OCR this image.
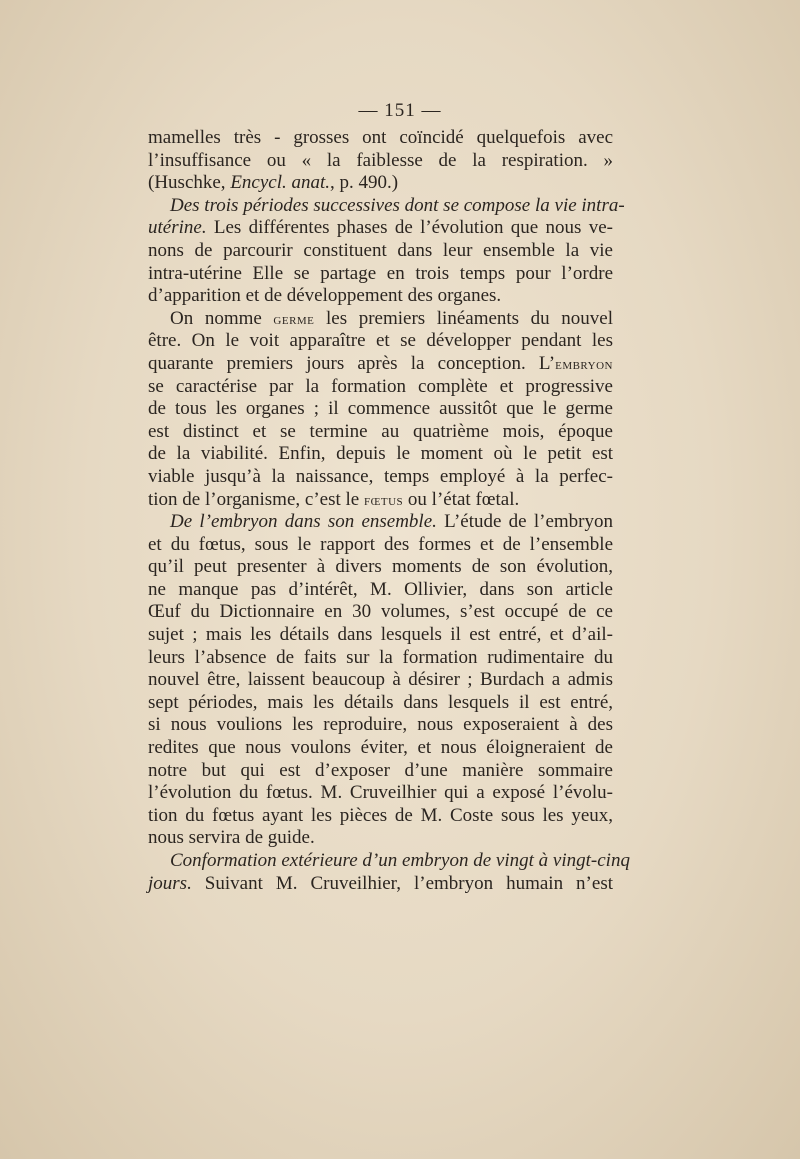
— 151 —
mamelles très - grosses ont coïncidé quelquefois avec
l’insuffisance ou « la faiblesse de la respiration. »
(Huschke, Encycl. anat., p. 490.)
Des trois périodes successives dont se compose la vie intra-
utérine. Les différentes phases de l’évolution que nous ve-
nons de parcourir constituent dans leur ensemble la vie
intra-utérine Elle se partage en trois temps pour l’ordre
d’apparition et de développement des organes.
On nomme germe les premiers linéaments du nouvel
être. On le voit apparaître et se développer pendant les
quarante premiers jours après la conception. L’embryon
se caractérise par la formation complète et progressive
de tous les organes ; il commence aussitôt que le germe
est distinct et se termine au quatrième mois, époque
de la viabilité. Enfin, depuis le moment où le petit est
viable jusqu’à la naissance, temps employé à la perfec-
tion de l’organisme, c’est le fœtus ou l’état fœtal.
De l’embryon dans son ensemble. L’étude de l’embryon
et du fœtus, sous le rapport des formes et de l’ensemble
qu’il peut presenter à divers moments de son évolution,
ne manque pas d’intérêt, M. Ollivier, dans son article
Œuf du Dictionnaire en 30 volumes, s’est occupé de ce
sujet ; mais les détails dans lesquels il est entré, et d’ail-
leurs l’absence de faits sur la formation rudimentaire du
nouvel être, laissent beaucoup à désirer ; Burdach a admis
sept périodes, mais les détails dans lesquels il est entré,
si nous voulions les reproduire, nous exposeraient à des
redites que nous voulons éviter, et nous éloigneraient de
notre but qui est d’exposer d’une manière sommaire
l’évolution du fœtus. M. Cruveilhier qui a exposé l’évolu-
tion du fœtus ayant les pièces de M. Coste sous les yeux,
nous servira de guide.
Conformation extérieure d’un embryon de vingt à vingt-cinq
jours. Suivant M. Cruveilhier, l’embryon humain n’est
